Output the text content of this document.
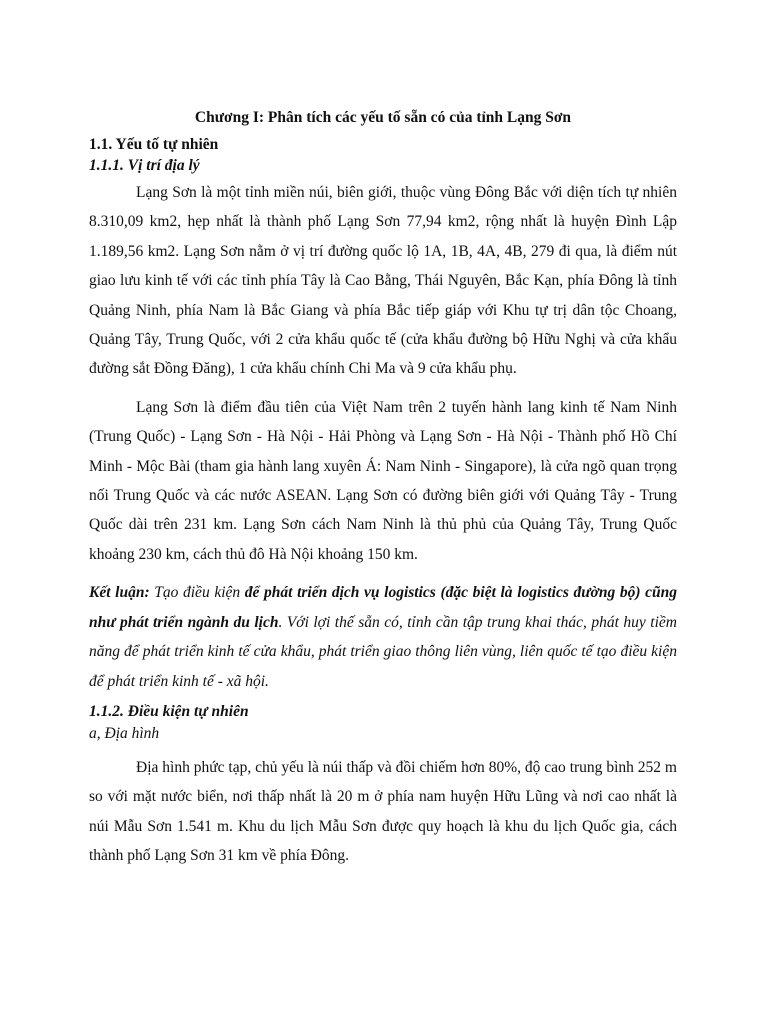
Chương I: Phân tích các yếu tố sẵn có của tỉnh Lạng Sơn

1.1. Yếu tố tự nhiên

1.1.1. Vị trí địa lý

Lạng Sơn là một tỉnh miền núi, biên giới, thuộc vùng Đông Bắc với diện tích tự nhiên 8.310,09 km2, hẹp nhất là thành phố Lạng Sơn 77,94 km2, rộng nhất là huyện Đình Lập 1.189,56 km2. Lạng Sơn nằm ở vị trí đường quốc lộ 1A, 1B, 4A, 4B, 279 đi qua, là điểm nút giao lưu kinh tế với các tỉnh phía Tây là Cao Bằng, Thái Nguyên, Bắc Kạn, phía Đông là tỉnh Quảng Ninh, phía Nam là Bắc Giang và phía Bắc tiếp giáp với Khu tự trị dân tộc Choang, Quảng Tây, Trung Quốc, với 2 cửa khẩu quốc tế (cửa khẩu đường bộ Hữu Nghị và cửa khẩu đường sắt Đồng Đăng), 1 cửa khẩu chính Chi Ma và 9 cửa khẩu phụ.

Lạng Sơn là điểm đầu tiên của Việt Nam trên 2 tuyến hành lang kinh tế Nam Ninh (Trung Quốc) - Lạng Sơn - Hà Nội - Hải Phòng và Lạng Sơn - Hà Nội - Thành phố Hồ Chí Minh - Mộc Bài (tham gia hành lang xuyên Á: Nam Ninh - Singapore), là cửa ngõ quan trọng nối Trung Quốc và các nước ASEAN. Lạng Sơn có đường biên giới với Quảng Tây - Trung Quốc dài trên 231 km. Lạng Sơn cách Nam Ninh là thủ phủ của Quảng Tây, Trung Quốc khoảng 230 km, cách thủ đô Hà Nội khoảng 150 km.

Kết luận: Tạo điều kiện để phát triển dịch vụ logistics (đặc biệt là logistics đường bộ) cũng như phát triển ngành du lịch. Với lợi thế sẵn có, tỉnh cần tập trung khai thác, phát huy tiềm năng để phát triển kinh tế cửa khẩu, phát triển giao thông liên vùng, liên quốc tế tạo điều kiện để phát triển kinh tế - xã hội.

1.1.2. Điều kiện tự nhiên

a, Địa hình

Địa hình phức tạp, chủ yếu là núi thấp và đồi chiếm hơn 80%, độ cao trung bình 252 m so với mặt nước biển, nơi thấp nhất là 20 m ở phía nam huyện Hữu Lũng và nơi cao nhất là núi Mẫu Sơn 1.541 m. Khu du lịch Mẫu Sơn được quy hoạch là khu du lịch Quốc gia, cách thành phố Lạng Sơn 31 km về phía Đông.
